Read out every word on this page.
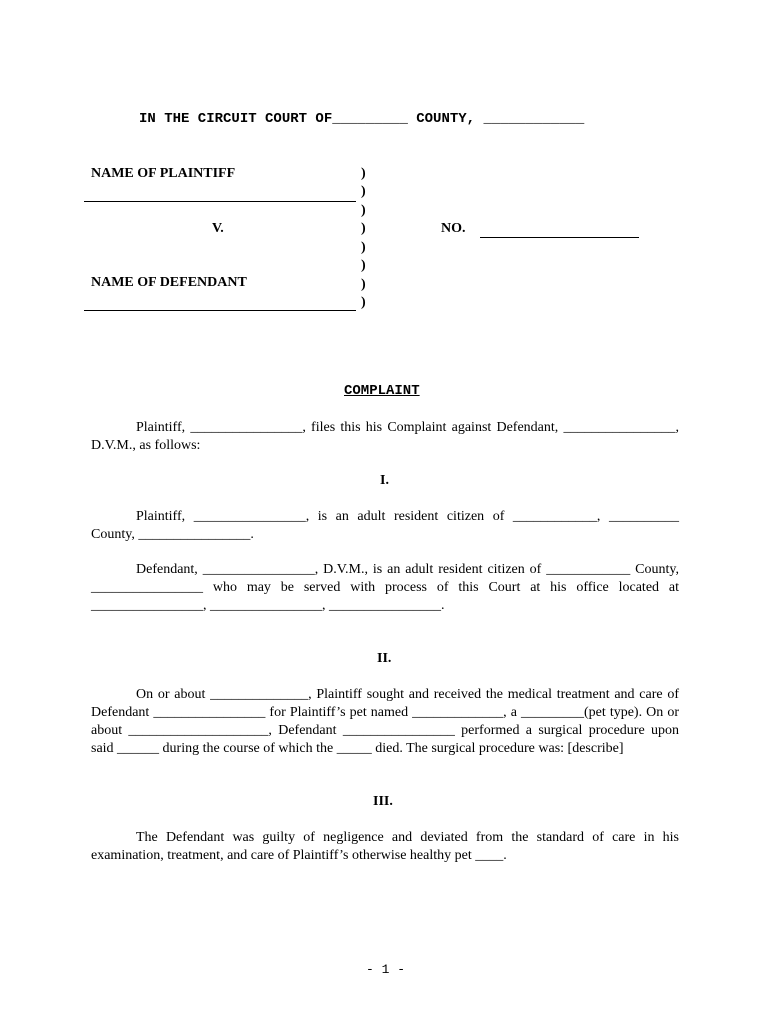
IN THE CIRCUIT COURT OF_________ COUNTY, ____________
NAME OF PLAINTIFF
V.
NAME OF DEFENDANT
)
)
)
)
)
)
)
)
NO.
COMPLAINT
Plaintiff, ________________, files this his Complaint against Defendant, ________________, D.V.M., as follows:
I.
Plaintiff, ________________, is an adult resident citizen of ____________, __________ County, ________________.
Defendant, ________________, D.V.M., is an adult resident citizen of ____________ County, ________________ who may be served with process of this Court at his office located at ________________, ________________, ________________.
II.
On or about ______________, Plaintiff sought and received the medical treatment and care of Defendant ________________ for Plaintiff’s pet named _____________, a _________(pet type). On or about ____________________, Defendant ________________ performed a surgical procedure upon said ______ during the course of which the _____ died. The surgical procedure was: [describe]
III.
The Defendant was guilty of negligence and deviated from the standard of care in his examination, treatment, and care of Plaintiff’s otherwise healthy pet ____.
- 1 -
